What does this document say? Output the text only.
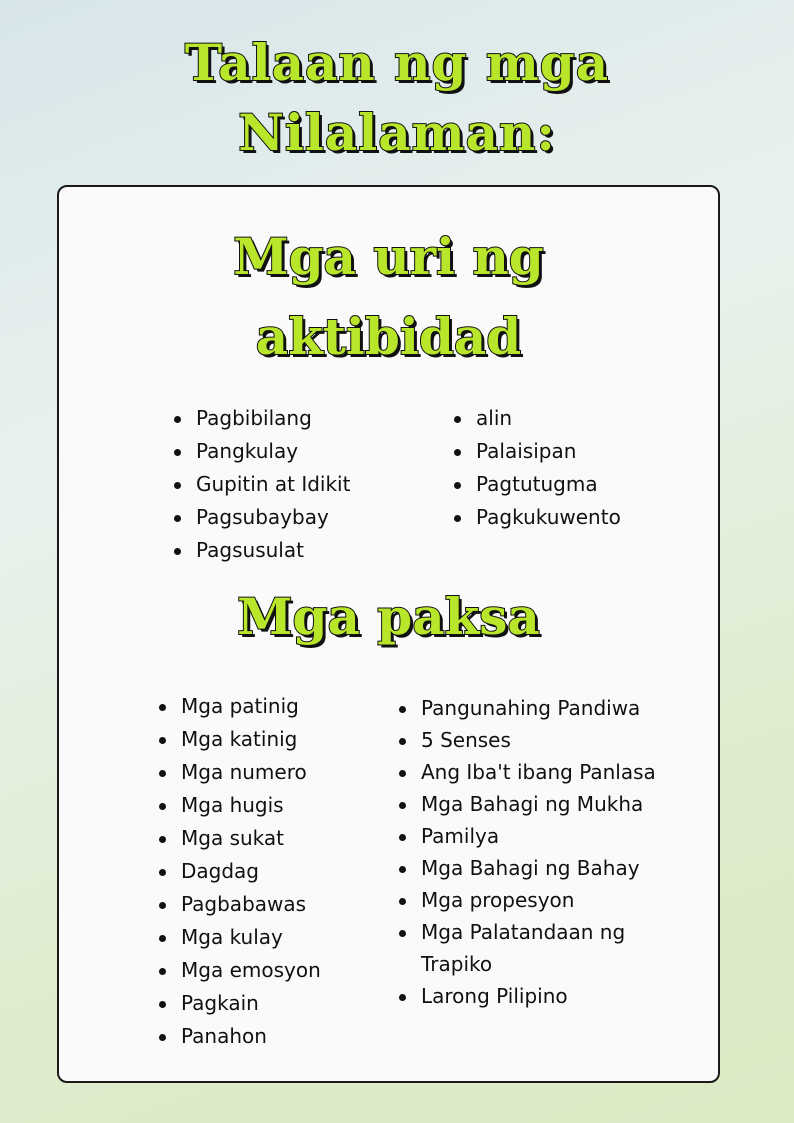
Talaan ng mga
Nilalaman:
Mga uri ng
aktibidad
Pagbibilang
Pangkulay
Gupitin at Idikit
Pagsubaybay
Pagsusulat
alin
Palaisipan
Pagtutugma
Pagkukuwento
Mga paksa
Mga patinig
Mga katinig
Mga numero
Mga hugis
Mga sukat
Dagdag
Pagbabawas
Mga kulay
Mga emosyon
Pagkain
Panahon
Pangunahing Pandiwa
5 Senses
Ang Iba't ibang Panlasa
Mga Bahagi ng Mukha
Pamilya
Mga Bahagi ng Bahay
Mga propesyon
Mga Palatandaan ng Trapiko
Larong Pilipino
